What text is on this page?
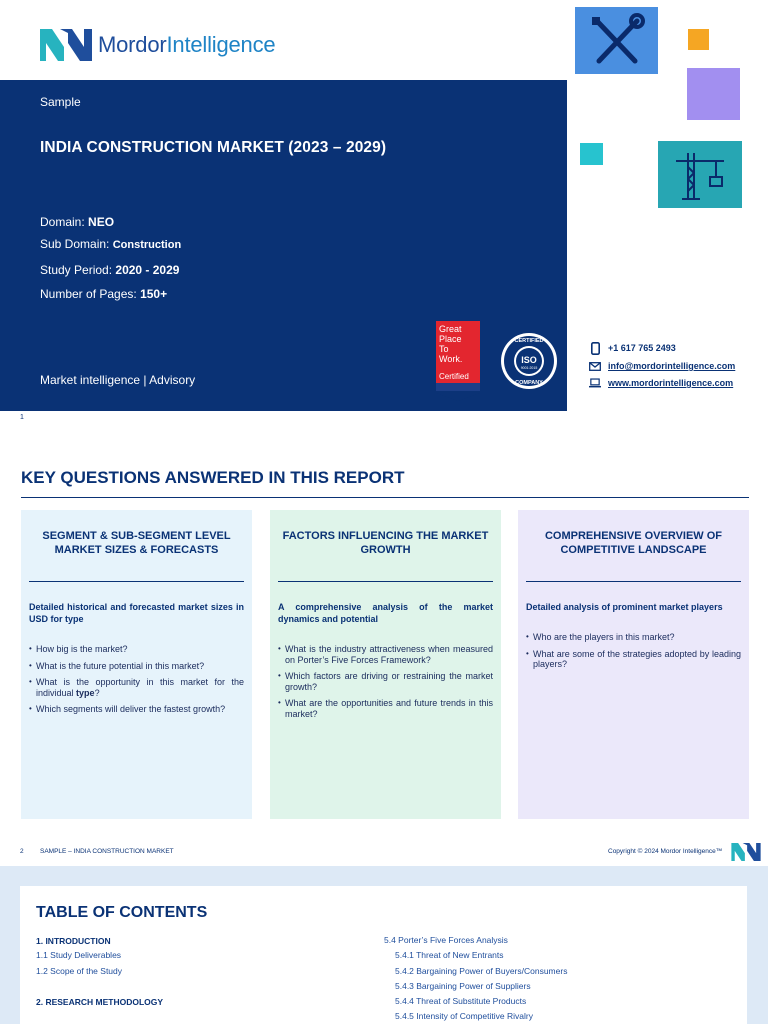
MordorIntelligence
Sample
INDIA CONSTRUCTION MARKET (2023 – 2029)
Domain: NEO
Sub Domain: Construction
Study Period: 2020 - 2029
Number of Pages: 150+
Market intelligence | Advisory
Great
Place
To
Work.
Certified
CERTIFIED
ISO
9001:2015
COMPANY
+1 617 765 2493
info@mordorintelligence.com
www.mordorintelligence.com
1
KEY QUESTIONS ANSWERED IN THIS REPORT
SEGMENT & SUB-SEGMENT LEVEL
MARKET SIZES & FORECASTS
Detailed historical and forecasted market sizes in USD for type
• How big is the market?
• What is the future potential in this market?
• What is the opportunity in this market for the individual type?
• Which segments will deliver the fastest growth?
FACTORS INFLUENCING THE MARKET
GROWTH
A comprehensive analysis of the market dynamics and potential
• What is the industry attractiveness when measured on Porter’s Five Forces Framework?
• Which factors are driving or restraining the market growth?
• What are the opportunities and future trends in this market?
COMPREHENSIVE OVERVIEW OF
COMPETITIVE LANDSCAPE
Detailed analysis of prominent market players
• Who are the players in this market?
• What are some of the strategies adopted by leading players?
2	SAMPLE – INDIA CONSTRUCTION MARKET	Copyright © 2024 Mordor Intelligence™
TABLE OF CONTENTS
1. INTRODUCTION
1.1 Study Deliverables
1.2 Scope of the Study
2. RESEARCH METHODOLOGY
5.4 Porter’s Five Forces Analysis
5.4.1 Threat of New Entrants
5.4.2 Bargaining Power of Buyers/Consumers
5.4.3 Bargaining Power of Suppliers
5.4.4 Threat of Substitute Products
5.4.5 Intensity of Competitive Rivalry
